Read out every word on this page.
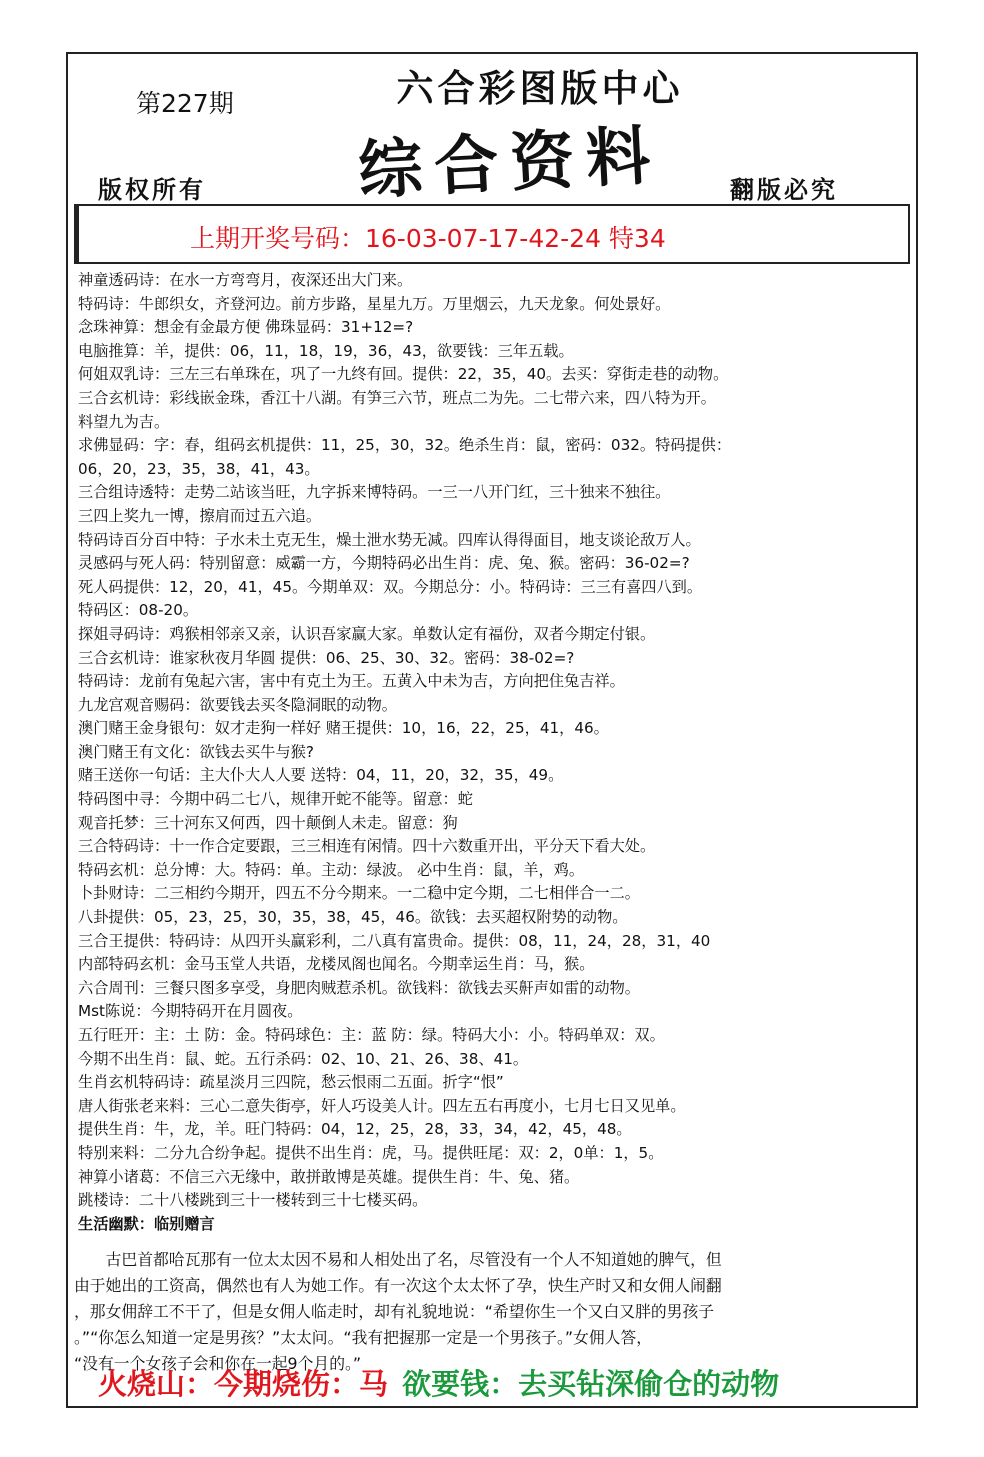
第227期	六合彩图版中心
综合资料
版权所有	翻版必究
上期开奖号码：16-03-07-17-42-24 特34
神童透码诗：在水一方弯弯月，夜深还出大门来。
特码诗：牛郎织女，齐登河边。前方步路，星星九万。万里烟云，九天龙象。何处景好。
念珠神算：想金有金最方便 佛珠显码：31+12=?
电脑推算：羊，提供：06，11，18，19，36，43，欲要钱：三年五载。
何姐双乳诗：三左三右单珠在，巩了一九终有回。提供：22，35，40。去买：穿街走巷的动物。
三合玄机诗：彩线嵌金珠，香江十八湖。有笋三六节，班点二为先。二七带六来，四八特为开。
料望九为吉。
求佛显码：字：春，组码玄机提供：11，25，30，32。绝杀生肖：鼠，密码：032。特码提供：
06，20，23，35，38，41，43。
三合组诗透特：走势二站该当旺，九字拆来博特码。一三一八开门红，三十独来不独往。
三四上奖九一博，擦肩而过五六追。
特码诗百分百中特：子水未土克无生，燥土泄水势无减。四库认得得面目，地支谈论敌万人。
灵感码与死人码：特别留意：威霸一方，今期特码必出生肖：虎、兔、猴。密码：36-02=?
死人码提供：12，20，41，45。今期单双：双。今期总分：小。特码诗：三三有喜四八到。
特码区：08-20。
探姐寻码诗：鸡猴相邻亲又亲，认识吾家赢大家。单数认定有福份，双者今期定付银。
三合玄机诗：谁家秋夜月华圆 提供：06、25、30、32。密码：38-02=?
特码诗：龙前有兔起六害，害中有克土为王。五黄入中未为吉，方向把住兔吉祥。
九龙宫观音赐码：欲要钱去买冬隐洞眠的动物。
澳门赌王金身银句：奴才走狗一样好 赌王提供：10，16，22，25，41，46。
澳门赌王有文化：欲钱去买牛与猴?
赌王送你一句话：主大仆大人人要 送特：04，11，20，32，35，49。
特码图中寻：今期中码二七八，规律开蛇不能等。留意：蛇
观音托梦：三十河东又何西，四十颠倒人未走。留意：狗
三合特码诗：十一作合定要跟，三三相连有闲情。四十六数重开出，平分天下看大处。
特码玄机：总分博：大。特码：单。主动：绿波。 必中生肖：鼠，羊，鸡。
卜卦财诗：二三相约今期开，四五不分今期来。一二稳中定今期，二七相伴合一二。
八卦提供：05，23，25，30，35，38，45，46。欲钱：去买超权附势的动物。
三合王提供：特码诗：从四开头赢彩利，二八真有富贵命。提供：08，11，24，28，31，40
内部特码玄机：金马玉堂人共语，龙楼凤阁也闻名。今期幸运生肖：马，猴。
六合周刊：三餐只图多享受，身肥肉贼惹杀机。欲钱料：欲钱去买鼾声如雷的动物。
Mst陈说：今期特码开在月圆夜。
五行旺开：主：土 防：金。特码球色：主：蓝 防：绿。特码大小：小。特码单双：双。
今期不出生肖：鼠、蛇。五行杀码：02、10、21、26、38、41。
生肖玄机特码诗：疏星淡月三四院，愁云恨雨二五面。折字“恨”
唐人街张老来料：三心二意失街亭，奸人巧设美人计。四左五右再度小，七月七日又见单。
提供生肖：牛，龙，羊。旺门特码：04，12，25，28，33，34，42，45，48。
特别来料：二分九合纷争起。提供不出生肖：虎，马。提供旺尾：双：2，0单：1，5。
神算小诸葛：不信三六无缘中，敢拼敢博是英雄。提供生肖：牛、兔、猪。
跳楼诗：二十八楼跳到三十一楼转到三十七楼买码。
生活幽默：临别赠言
　　古巴首都哈瓦那有一位太太因不易和人相处出了名，尽管没有一个人不知道她的脾气，但
由于她出的工资高，偶然也有人为她工作。有一次这个太太怀了孕，快生产时又和女佣人闹翻
，那女佣辞工不干了，但是女佣人临走时，却有礼貌地说：“希望你生一个又白又胖的男孩子
。”“你怎么知道一定是男孩？”太太问。“我有把握那一定是一个男孩子。”女佣人答，
“没有一个女孩子会和你在一起9个月的。”
火烧山：今期烧伤：马 欲要钱：去买钻深偷仓的动物
